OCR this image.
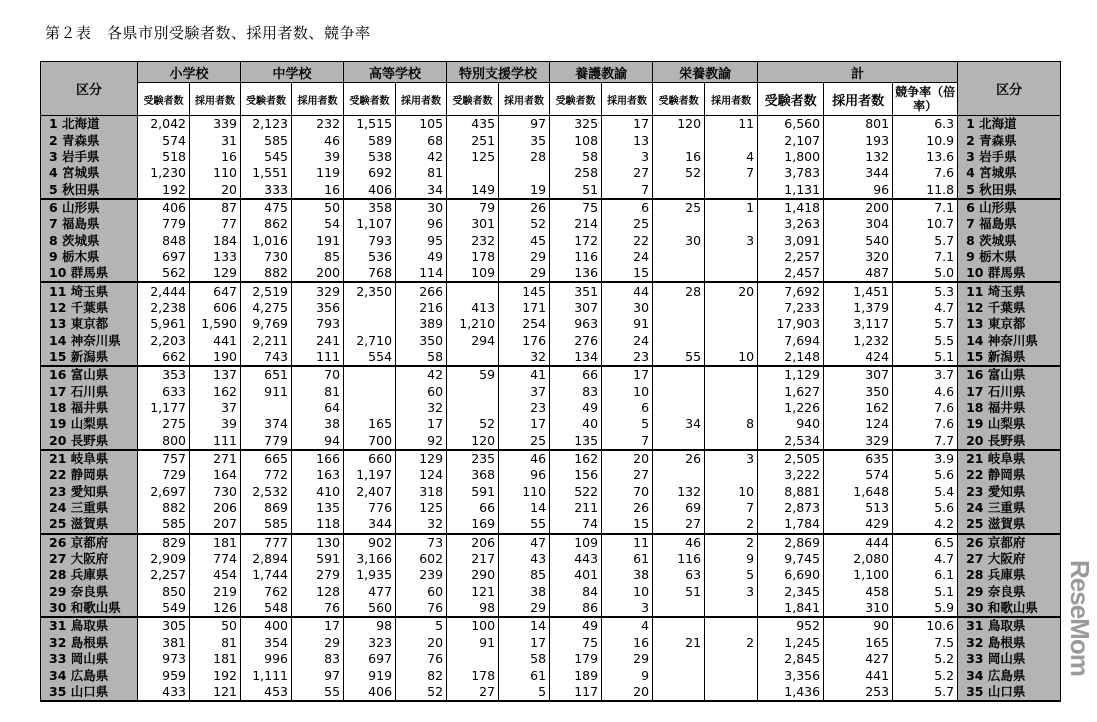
第２表　各県市別受験者数、採用者数、競争率
区分	小学校		中学校		高等学校		特別支援学校		養護教諭		栄養教諭		計			区分
	受験者数	採用者数	受験者数	採用者数	受験者数	採用者数	受験者数	採用者数	受験者数	採用者数	受験者数	採用者数	受験者数	採用者数	競争率（倍率）	
1 北海道	2,042	339	2,123	232	1,515	105	435	97	325	17	120	11	6,560	801	6.3	1 北海道
2 青森県	574	31	585	46	589	68	251	35	108	13			2,107	193	10.9	2 青森県
3 岩手県	518	16	545	39	538	42	125	28	58	3	16	4	1,800	132	13.6	3 岩手県
4 宮城県	1,230	110	1,551	119	692	81			258	27	52	7	3,783	344	7.6	4 宮城県
5 秋田県	192	20	333	16	406	34	149	19	51	7			1,131	96	11.8	5 秋田県
6 山形県	406	87	475	50	358	30	79	26	75	6	25	1	1,418	200	7.1	6 山形県
7 福島県	779	77	862	54	1,107	96	301	52	214	25			3,263	304	10.7	7 福島県
8 茨城県	848	184	1,016	191	793	95	232	45	172	22	30	3	3,091	540	5.7	8 茨城県
9 栃木県	697	133	730	85	536	49	178	29	116	24			2,257	320	7.1	9 栃木県
10 群馬県	562	129	882	200	768	114	109	29	136	15			2,457	487	5.0	10 群馬県
11 埼玉県	2,444	647	2,519	329	2,350	266		145	351	44	28	20	7,692	1,451	5.3	11 埼玉県
12 千葉県	2,238	606	4,275	356		216	413	171	307	30			7,233	1,379	4.7	12 千葉県
13 東京都	5,961	1,590	9,769	793		389	1,210	254	963	91			17,903	3,117	5.7	13 東京都
14 神奈川県	2,203	441	2,211	241	2,710	350	294	176	276	24			7,694	1,232	5.5	14 神奈川県
15 新潟県	662	190	743	111	554	58		32	134	23	55	10	2,148	424	5.1	15 新潟県
16 富山県	353	137	651	70		42	59	41	66	17			1,129	307	3.7	16 富山県
17 石川県	633	162	911	81		60		37	83	10			1,627	350	4.6	17 石川県
18 福井県	1,177	37		64		32		23	49	6			1,226	162	7.6	18 福井県
19 山梨県	275	39	374	38	165	17	52	17	40	5	34	8	940	124	7.6	19 山梨県
20 長野県	800	111	779	94	700	92	120	25	135	7			2,534	329	7.7	20 長野県
21 岐阜県	757	271	665	166	660	129	235	46	162	20	26	3	2,505	635	3.9	21 岐阜県
22 静岡県	729	164	772	163	1,197	124	368	96	156	27			3,222	574	5.6	22 静岡県
23 愛知県	2,697	730	2,532	410	2,407	318	591	110	522	70	132	10	8,881	1,648	5.4	23 愛知県
24 三重県	882	206	869	135	776	125	66	14	211	26	69	7	2,873	513	5.6	24 三重県
25 滋賀県	585	207	585	118	344	32	169	55	74	15	27	2	1,784	429	4.2	25 滋賀県
26 京都府	829	181	777	130	902	73	206	47	109	11	46	2	2,869	444	6.5	26 京都府
27 大阪府	2,909	774	2,894	591	3,166	602	217	43	443	61	116	9	9,745	2,080	4.7	27 大阪府
28 兵庫県	2,257	454	1,744	279	1,935	239	290	85	401	38	63	5	6,690	1,100	6.1	28 兵庫県
29 奈良県	850	219	762	128	477	60	121	38	84	10	51	3	2,345	458	5.1	29 奈良県
30 和歌山県	549	126	548	76	560	76	98	29	86	3			1,841	310	5.9	30 和歌山県
31 鳥取県	305	50	400	17	98	5	100	14	49	4			952	90	10.6	31 鳥取県
32 島根県	381	81	354	29	323	20	91	17	75	16	21	2	1,245	165	7.5	32 島根県
33 岡山県	973	181	996	83	697	76		58	179	29			2,845	427	5.2	33 岡山県
34 広島県	959	192	1,111	97	919	82	178	61	189	9			3,356	441	5.2	34 広島県
35 山口県	433	121	453	55	406	52	27	5	117	20			1,436	253	5.7	35 山口県
ReseMom
